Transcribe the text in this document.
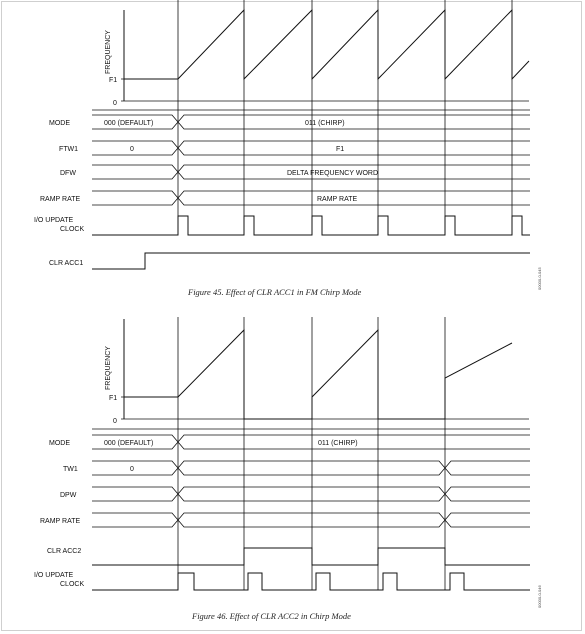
F1
0
FREQUENCY
MODE	000 (DEFAULT)	011 (CHIRP)
FTW1	0	F1
DFW	DELTA FREQUENCY WORD
RAMP RATE	RAMP RATE
I/O UPDATE
CLOCK
CLR ACC1
00000-0-045
Figure 45. Effect of CLR ACC1 in FM Chirp Mode
F1
0
FREQUENCY
MODE	000 (DEFAULT)	011 (CHIRP)
TW1	0
DPW
RAMP RATE
CLR ACC2
I/O UPDATE
CLOCK
00000-0-046
Figure 46. Effect of CLR ACC2 in Chirp Mode
